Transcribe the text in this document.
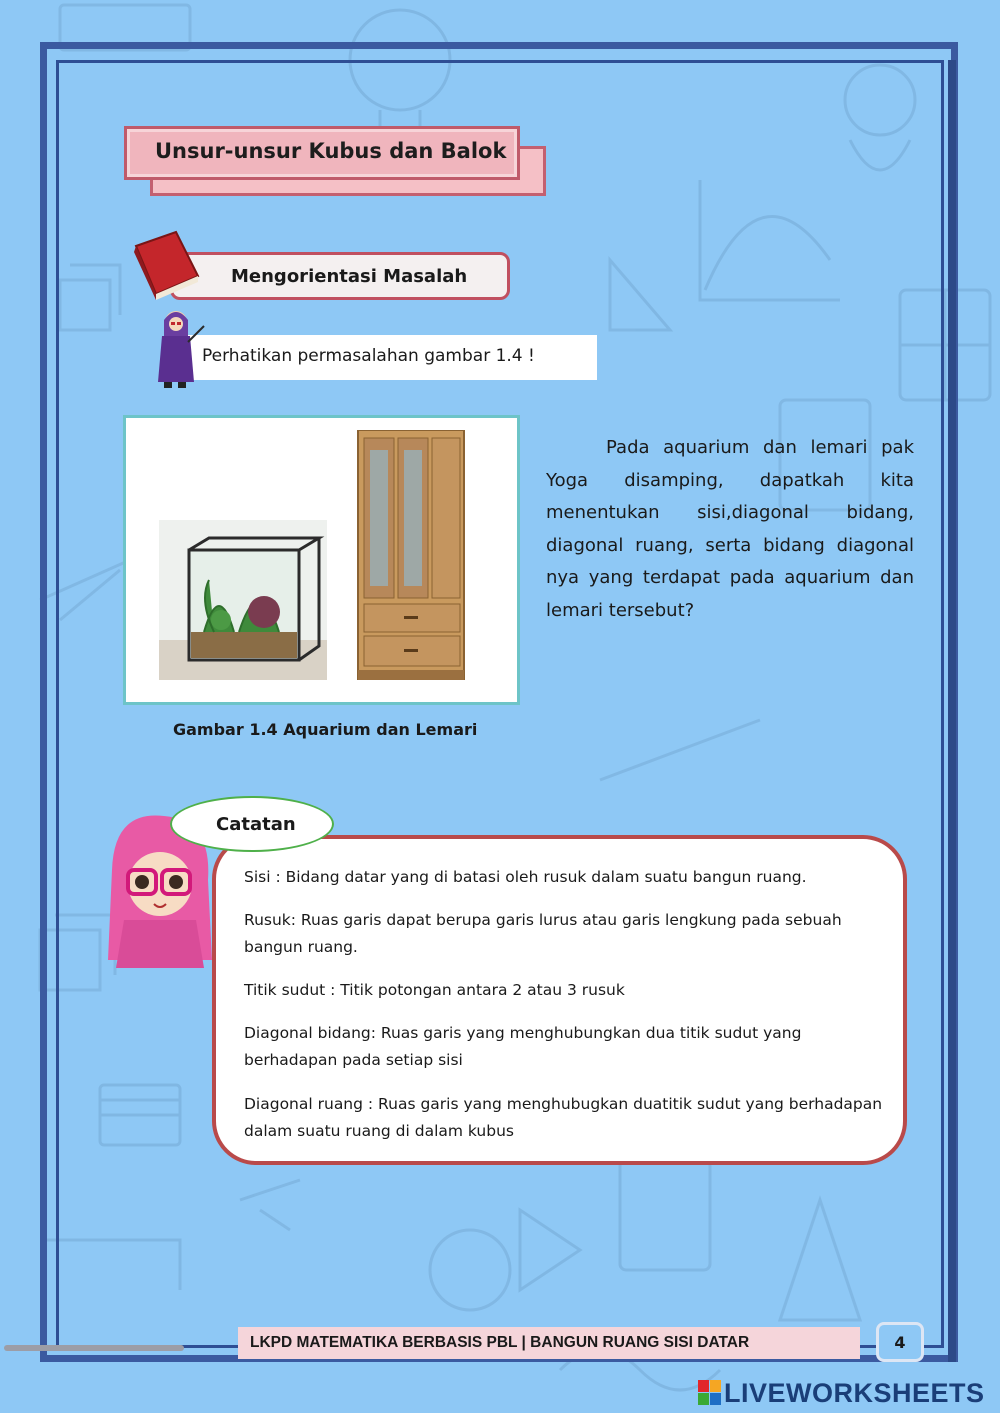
Unsur-unsur Kubus dan Balok
Mengorientasi Masalah
Perhatikan permasalahan gambar 1.4 !
Gambar 1.4 Aquarium dan Lemari
Pada aquarium dan lemari pak Yoga disamping, dapatkah kita menentukan sisi,diagonal bidang, diagonal ruang, serta bidang diagonal nya yang terdapat pada aquarium dan lemari tersebut?
Sisi : Bidang datar yang di batasi oleh rusuk dalam suatu bangun ruang.
Rusuk: Ruas garis dapat berupa garis lurus atau garis lengkung pada sebuah bangun ruang.
Titik sudut : Titik potongan antara 2 atau 3 rusuk
Diagonal bidang: Ruas garis yang menghubungkan dua titik sudut yang berhadapan pada setiap sisi
Diagonal ruang : Ruas garis yang menghubugkan duatitik sudut yang berhadapan dalam suatu ruang di dalam kubus
Catatan
LKPD MATEMATIKA BERBASIS PBL | BANGUN RUANG SISI DATAR	4
LIVEWORKSHEETS
